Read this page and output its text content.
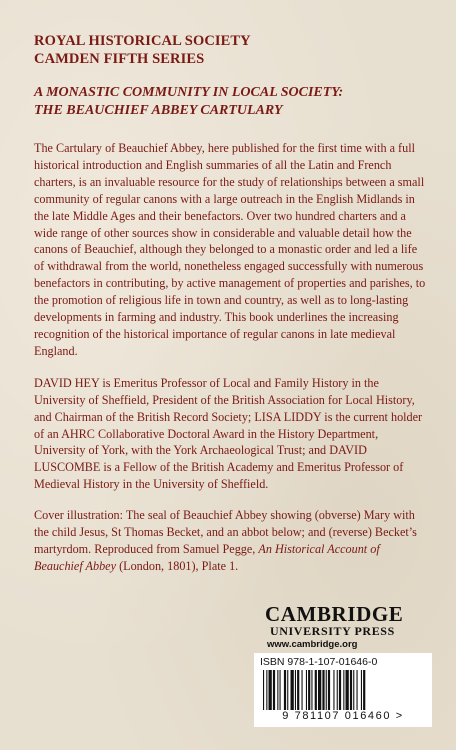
ROYAL HISTORICAL SOCIETY
CAMDEN FIFTH SERIES
A MONASTIC COMMUNITY IN LOCAL SOCIETY:
THE BEAUCHIEF ABBEY CARTULARY

The Cartulary of Beauchief Abbey, here published for the first time with a full historical introduction and English summaries of all the Latin and French charters, is an invaluable resource for the study of relationships between a small community of regular canons with a large outreach in the English Midlands in the late Middle Ages and their benefactors. Over two hundred charters and a wide range of other sources show in considerable and valuable detail how the canons of Beauchief, although they belonged to a monastic order and led a life of withdrawal from the world, nonetheless engaged successfully with numerous benefactors in contributing, by active management of properties and parishes, to the promotion of religious life in town and country, as well as to long-lasting developments in farming and industry. This book underlines the increasing recognition of the historical importance of regular canons in late medieval England.

DAVID HEY is Emeritus Professor of Local and Family History in the University of Sheffield, President of the British Association for Local History, and Chairman of the British Record Society; LISA LIDDY is the current holder of an AHRC Collaborative Doctoral Award in the History Department, University of York, with the York Archaeological Trust; and DAVID LUSCOMBE is a Fellow of the British Academy and Emeritus Professor of Medieval History in the University of Sheffield.

Cover illustration: The seal of Beauchief Abbey showing (obverse) Mary with the child Jesus, St Thomas Becket, and an abbot below; and (reverse) Becket’s martyrdom. Reproduced from Samuel Pegge, An Historical Account of Beauchief Abbey (London, 1801), Plate 1.

CAMBRIDGE
UNIVERSITY PRESS
www.cambridge.org
ISBN 978-1-107-01646-0
9 781107 016460 >
